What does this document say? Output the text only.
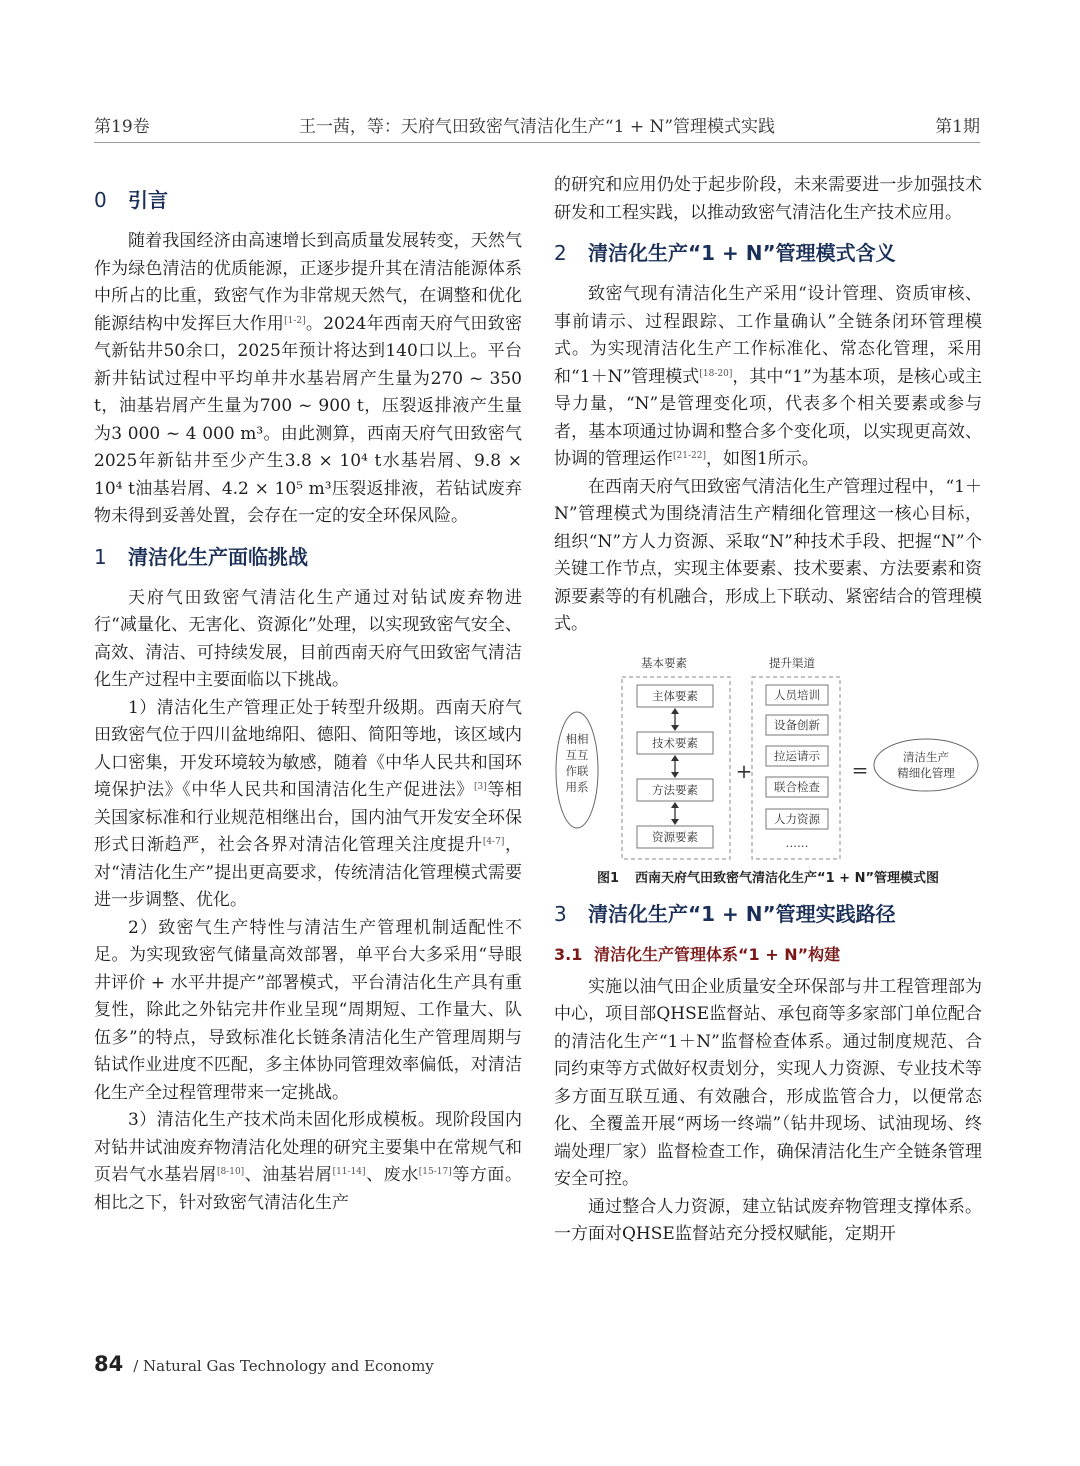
第19卷	王一茜，等：天府气田致密气清洁化生产“1 + N”管理模式实践	第1期
0 引言

随着我国经济由高速增长到高质量发展转变，天然气作为绿色清洁的优质能源，正逐步提升其在清洁能源体系中所占的比重，致密气作为非常规天然气，在调整和优化能源结构中发挥巨大作用[1-2]。2024年西南天府气田致密气新钻井50余口，2025年预计将达到140口以上。平台新井钻试过程中平均单井水基岩屑产生量为270 ~ 350 t，油基岩屑产生量为700 ~ 900 t，压裂返排液产生量为3 000 ~ 4 000 m³。由此测算，西南天府气田致密气2025年新钻井至少产生3.8 × 10⁴ t水基岩屑、9.8 × 10⁴ t油基岩屑、4.2 × 10⁵ m³压裂返排液，若钻试废弃物未得到妥善处置，会存在一定的安全环保风险。

1 清洁化生产面临挑战

天府气田致密气清洁化生产通过对钻试废弃物进行“减量化、无害化、资源化”处理，以实现致密气安全、高效、清洁、可持续发展，目前西南天府气田致密气清洁化生产过程中主要面临以下挑战。

1）清洁化生产管理正处于转型升级期。西南天府气田致密气位于四川盆地绵阳、德阳、简阳等地，该区域内人口密集，开发环境较为敏感，随着《中华人民共和国环境保护法》《中华人民共和国清洁化生产促进法》[3]等相关国家标准和行业规范相继出台，国内油气开发安全环保形式日渐趋严，社会各界对清洁化管理关注度提升[4-7]，对“清洁化生产”提出更高要求，传统清洁化管理模式需要进一步调整、优化。

2）致密气生产特性与清洁生产管理机制适配性不足。为实现致密气储量高效部署，单平台大多采用“导眼井评价 + 水平井提产”部署模式，平台清洁化生产具有重复性，除此之外钻完井作业呈现“周期短、工作量大、队伍多”的特点，导致标准化长链条清洁化生产管理周期与钻试作业进度不匹配，多主体协同管理效率偏低，对清洁化生产全过程管理带来一定挑战。

3）清洁化生产技术尚未固化形成模板。现阶段国内对钻井试油废弃物清洁化处理的研究主要集中在常规气和页岩气水基岩屑[8-10]、油基岩屑[11-14]、废水[15-17]等方面。相比之下，针对致密气清洁化生产

的研究和应用仍处于起步阶段，未来需要进一步加强技术研发和工程实践，以推动致密气清洁化生产技术应用。

2 清洁化生产“1 + N”管理模式含义

致密气现有清洁化生产采用“设计管理、资质审核、事前请示、过程跟踪、工作量确认”全链条闭环管理模式。为实现清洁化生产工作标准化、常态化管理，采用和“1＋N”管理模式[18-20]，其中“1”为基本项，是核心或主导力量，“N”是管理变化项，代表多个相关要素或参与者，基本项通过协调和整合多个变化项，以实现更高效、协调的管理运作[21-22]，如图1所示。

在西南天府气田致密气清洁化生产管理过程中，“1＋N”管理模式为围绕清洁生产精细化管理这一核心目标，组织“N”方人力资源、采取“N”种技术手段、把握“N”个关键工作节点，实现主体要素、技术要素、方法要素和资源要素等的有机融合，形成上下联动、紧密结合的管理模式。

基本要素	提升渠道
相相
互互
作联
用系
主体要素
技术要素
方法要素
资源要素
+
人员培训
设备创新
拉运请示
联合检查
人力资源
……
=
清洁生产
精细化管理
图1 西南天府气田致密气清洁化生产“1 + N”管理模式图
3 清洁化生产“1 + N”管理实践路径
3.1 清洁化生产管理体系“1 + N”构建

实施以油气田企业质量安全环保部与井工程管理部为中心，项目部QHSE监督站、承包商等多家部门单位配合的清洁化生产“1＋N”监督检查体系。通过制度规范、合同约束等方式做好权责划分，实现人力资源、专业技术等多方面互联互通、有效融合，形成监管合力，以便常态化、全覆盖开展“两场一终端”（钻井现场、试油现场、终端处理厂家）监督检查工作，确保清洁化生产全链条管理安全可控。

通过整合人力资源，建立钻试废弃物管理支撑体系。一方面对QHSE监督站充分授权赋能，定期开

84 / Natural Gas Technology and Economy
